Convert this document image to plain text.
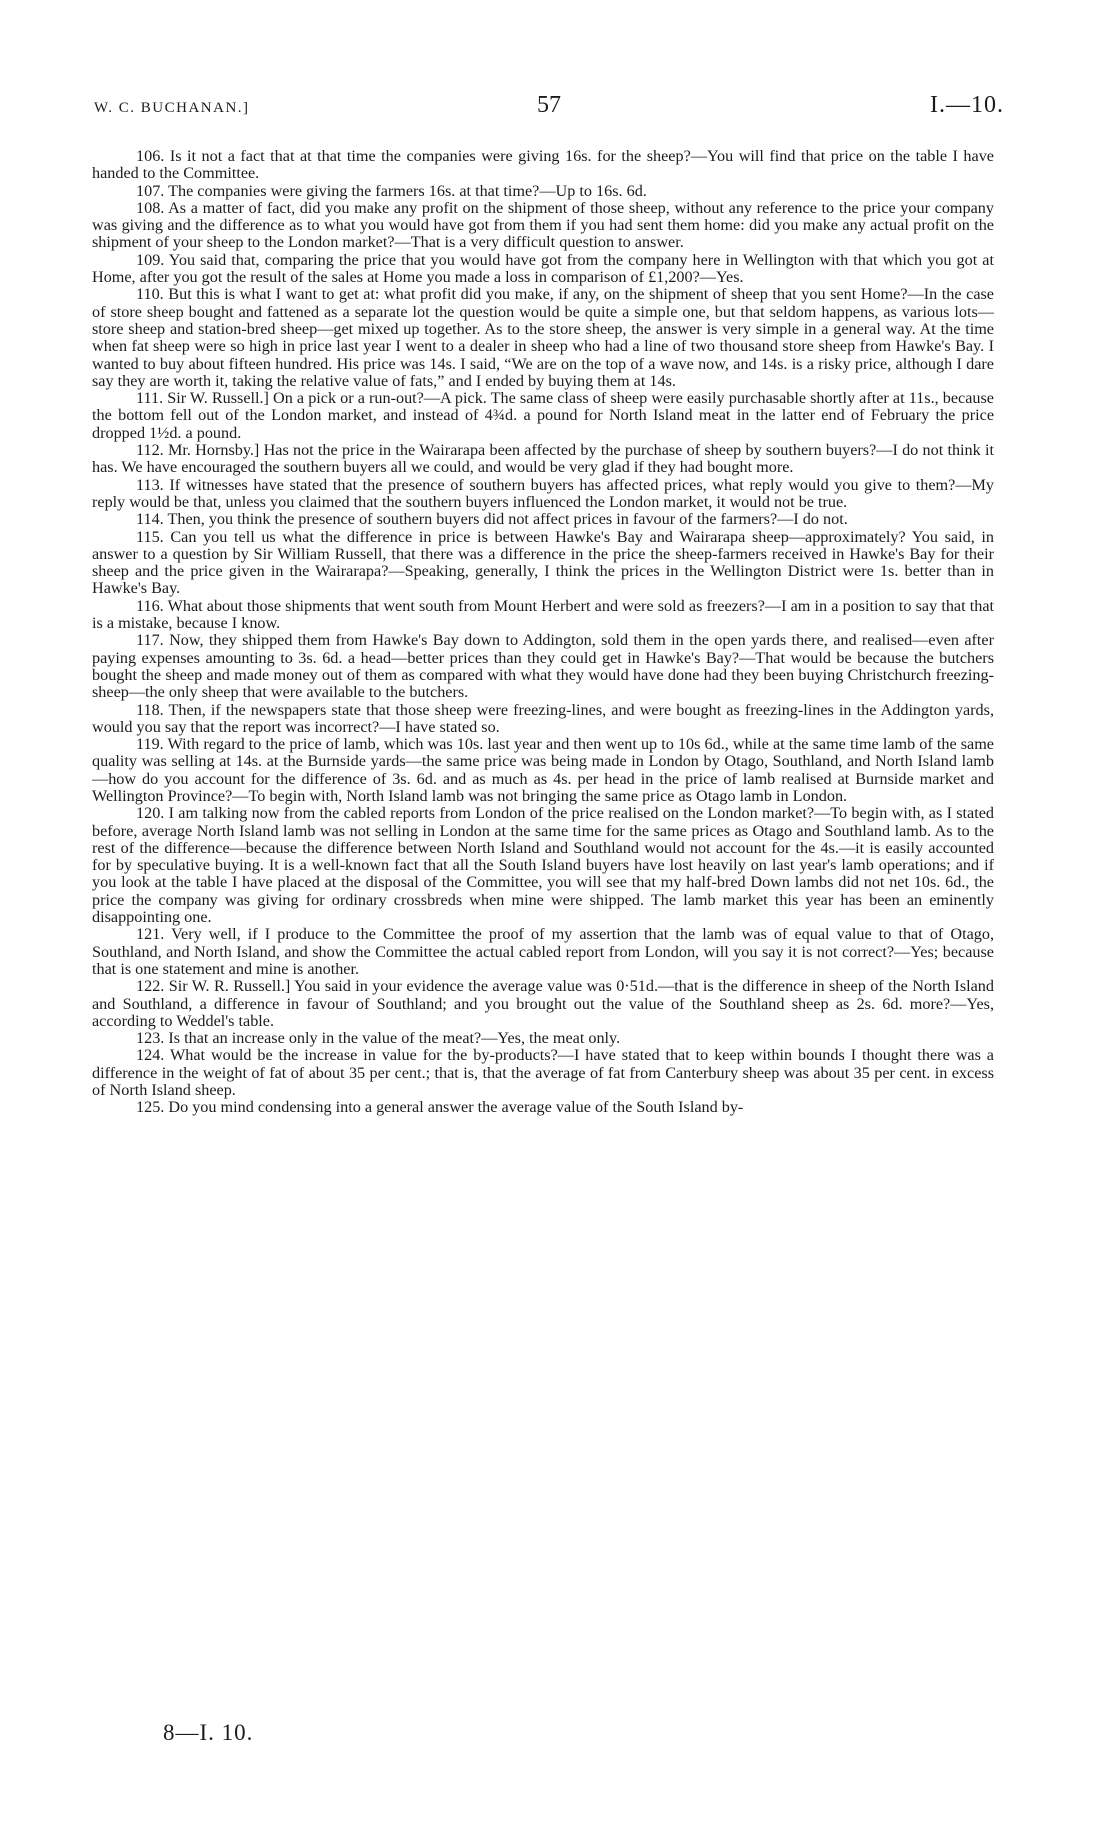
W. C. BUCHANAN.]	57	I.—10.

106. Is it not a fact that at that time the companies were giving 16s. for the sheep?—You will find that price on the table I have handed to the Committee.

107. The companies were giving the farmers 16s. at that time?—Up to 16s. 6d.

108. As a matter of fact, did you make any profit on the shipment of those sheep, without any reference to the price your company was giving and the difference as to what you would have got from them if you had sent them home: did you make any actual profit on the shipment of your sheep to the London market?—That is a very difficult question to answer.

109. You said that, comparing the price that you would have got from the company here in Wellington with that which you got at Home, after you got the result of the sales at Home you made a loss in comparison of £1,200?—Yes.

110. But this is what I want to get at: what profit did you make, if any, on the shipment of sheep that you sent Home?—In the case of store sheep bought and fattened as a separate lot the question would be quite a simple one, but that seldom happens, as various lots—store sheep and station-bred sheep—get mixed up together. As to the store sheep, the answer is very simple in a general way. At the time when fat sheep were so high in price last year I went to a dealer in sheep who had a line of two thousand store sheep from Hawke's Bay. I wanted to buy about fifteen hundred. His price was 14s. I said, “We are on the top of a wave now, and 14s. is a risky price, although I dare say they are worth it, taking the relative value of fats,” and I ended by buying them at 14s.

111. Sir W. Russell.] On a pick or a run-out?—A pick. The same class of sheep were easily purchasable shortly after at 11s., because the bottom fell out of the London market, and instead of 4¾d. a pound for North Island meat in the latter end of February the price dropped 1½d. a pound.

112. Mr. Hornsby.] Has not the price in the Wairarapa been affected by the purchase of sheep by southern buyers?—I do not think it has. We have encouraged the southern buyers all we could, and would be very glad if they had bought more.

113. If witnesses have stated that the presence of southern buyers has affected prices, what reply would you give to them?—My reply would be that, unless you claimed that the southern buyers influenced the London market, it would not be true.

114. Then, you think the presence of southern buyers did not affect prices in favour of the farmers?—I do not.

115. Can you tell us what the difference in price is between Hawke's Bay and Wairarapa sheep—approximately? You said, in answer to a question by Sir William Russell, that there was a difference in the price the sheep-farmers received in Hawke's Bay for their sheep and the price given in the Wairarapa?—Speaking, generally, I think the prices in the Wellington District were 1s. better than in Hawke's Bay.

116. What about those shipments that went south from Mount Herbert and were sold as freezers?—I am in a position to say that that is a mistake, because I know.

117. Now, they shipped them from Hawke's Bay down to Addington, sold them in the open yards there, and realised—even after paying expenses amounting to 3s. 6d. a head—better prices than they could get in Hawke's Bay?—That would be because the butchers bought the sheep and made money out of them as compared with what they would have done had they been buying Christchurch freezing-sheep—the only sheep that were available to the butchers.

118. Then, if the newspapers state that those sheep were freezing-lines, and were bought as freezing-lines in the Addington yards, would you say that the report was incorrect?—I have stated so.

119. With regard to the price of lamb, which was 10s. last year and then went up to 10s 6d., while at the same time lamb of the same quality was selling at 14s. at the Burnside yards—the same price was being made in London by Otago, Southland, and North Island lamb—how do you account for the difference of 3s. 6d. and as much as 4s. per head in the price of lamb realised at Burnside market and Wellington Province?—To begin with, North Island lamb was not bringing the same price as Otago lamb in London.

120. I am talking now from the cabled reports from London of the price realised on the London market?—To begin with, as I stated before, average North Island lamb was not selling in London at the same time for the same prices as Otago and Southland lamb. As to the rest of the difference—because the difference between North Island and Southland would not account for the 4s.—it is easily accounted for by speculative buying. It is a well-known fact that all the South Island buyers have lost heavily on last year's lamb operations; and if you look at the table I have placed at the disposal of the Committee, you will see that my half-bred Down lambs did not net 10s. 6d., the price the company was giving for ordinary crossbreds when mine were shipped. The lamb market this year has been an eminently disappointing one.

121. Very well, if I produce to the Committee the proof of my assertion that the lamb was of equal value to that of Otago, Southland, and North Island, and show the Committee the actual cabled report from London, will you say it is not correct?—Yes; because that is one statement and mine is another.

122. Sir W. R. Russell.] You said in your evidence the average value was 0·51d.—that is the difference in sheep of the North Island and Southland, a difference in favour of Southland; and you brought out the value of the Southland sheep as 2s. 6d. more?—Yes, according to Weddel's table.

123. Is that an increase only in the value of the meat?—Yes, the meat only.

124. What would be the increase in value for the by-products?—I have stated that to keep within bounds I thought there was a difference in the weight of fat of about 35 per cent.; that is, that the average of fat from Canterbury sheep was about 35 per cent. in excess of North Island sheep.

125. Do you mind condensing into a general answer the average value of the South Island by-

8—I. 10.
